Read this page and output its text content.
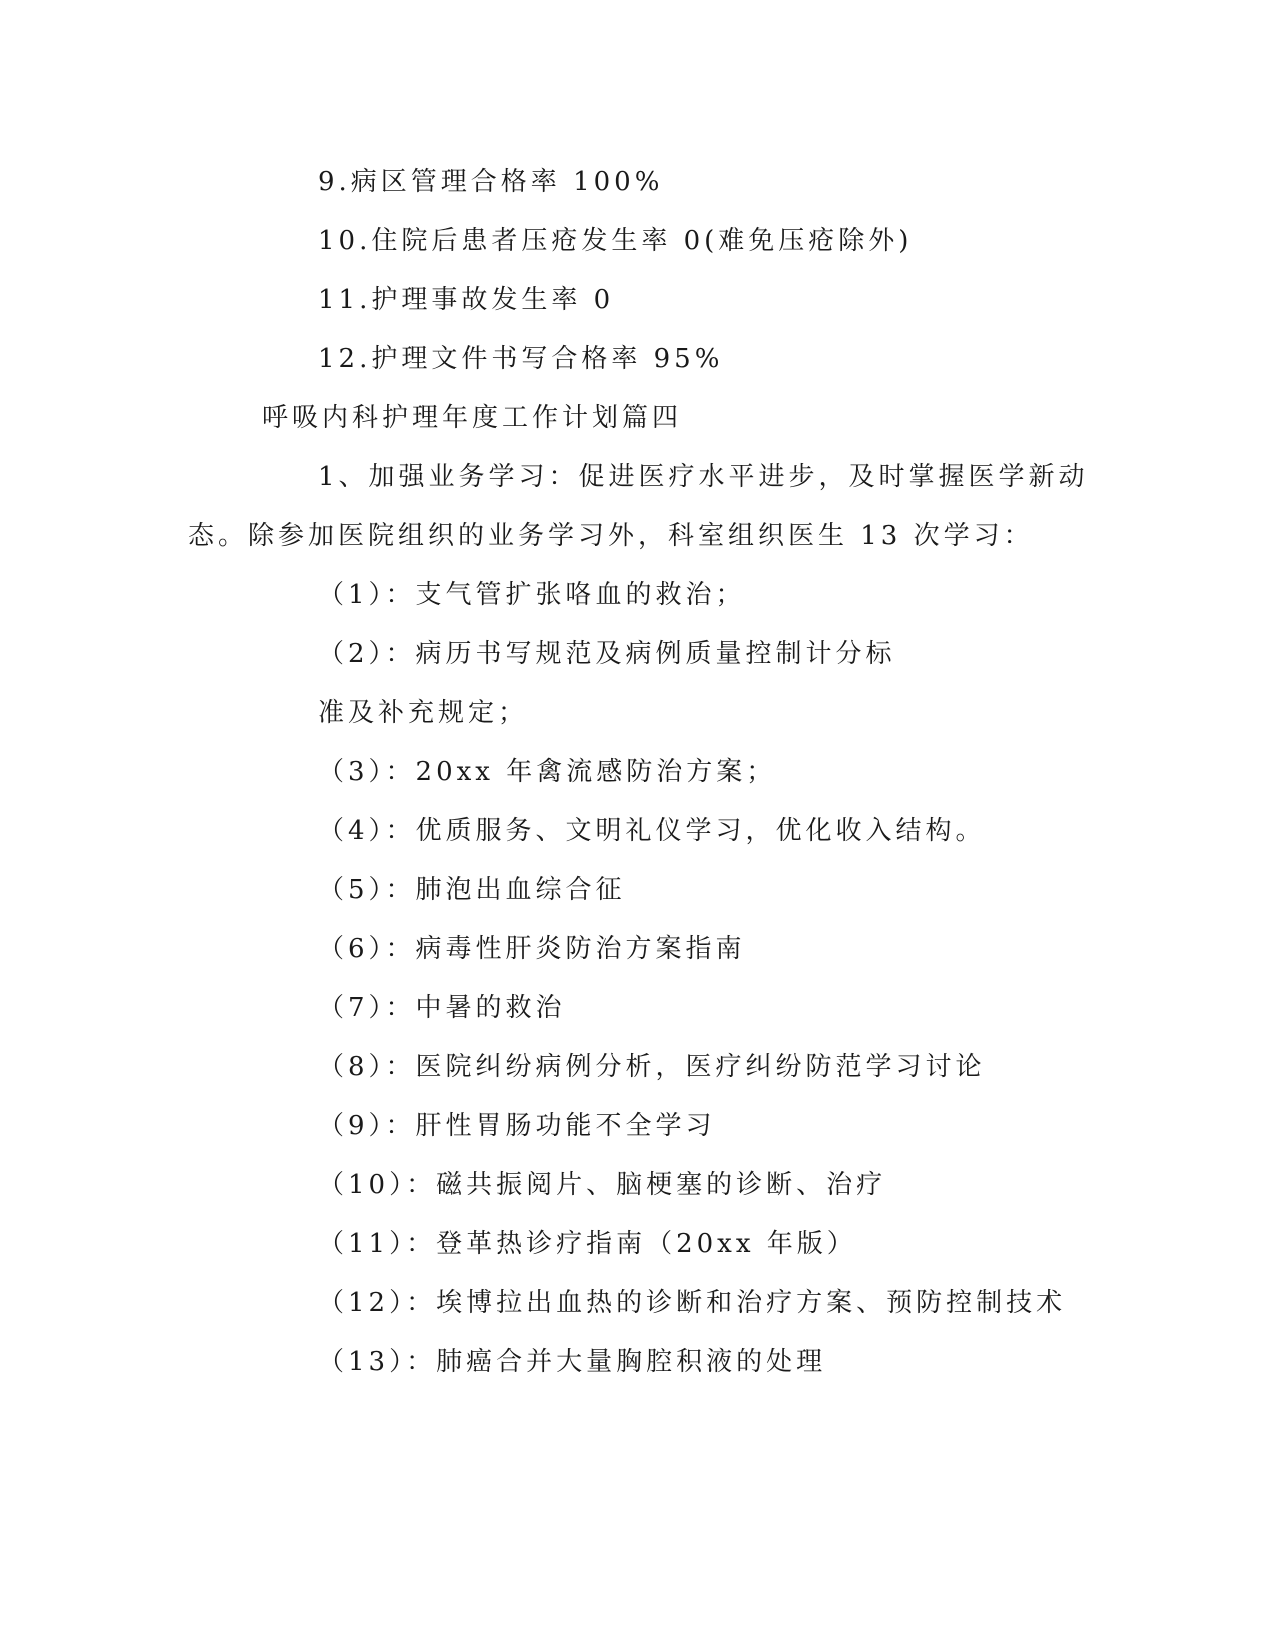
9.病区管理合格率 100%
10.住院后患者压疮发生率 0(难免压疮除外)
11.护理事故发生率 0
12.护理文件书写合格率 95%
呼吸内科护理年度工作计划篇四
1、加强业务学习：促进医疗水平进步，及时掌握医学新动
态。除参加医院组织的业务学习外，科室组织医生 13 次学习：
（1）：支气管扩张咯血的救治；
（2）：病历书写规范及病例质量控制计分标
准及补充规定；
（3）：20xx 年禽流感防治方案；
（4）：优质服务、文明礼仪学习，优化收入结构。
（5）：肺泡出血综合征
（6）：病毒性肝炎防治方案指南
（7）：中暑的救治
（8）：医院纠纷病例分析，医疗纠纷防范学习讨论
（9）：肝性胃肠功能不全学习
（10）：磁共振阅片、脑梗塞的诊断、治疗
（11）：登革热诊疗指南（20xx 年版）
（12）：埃博拉出血热的诊断和治疗方案、预防控制技术
（13）：肺癌合并大量胸腔积液的处理
